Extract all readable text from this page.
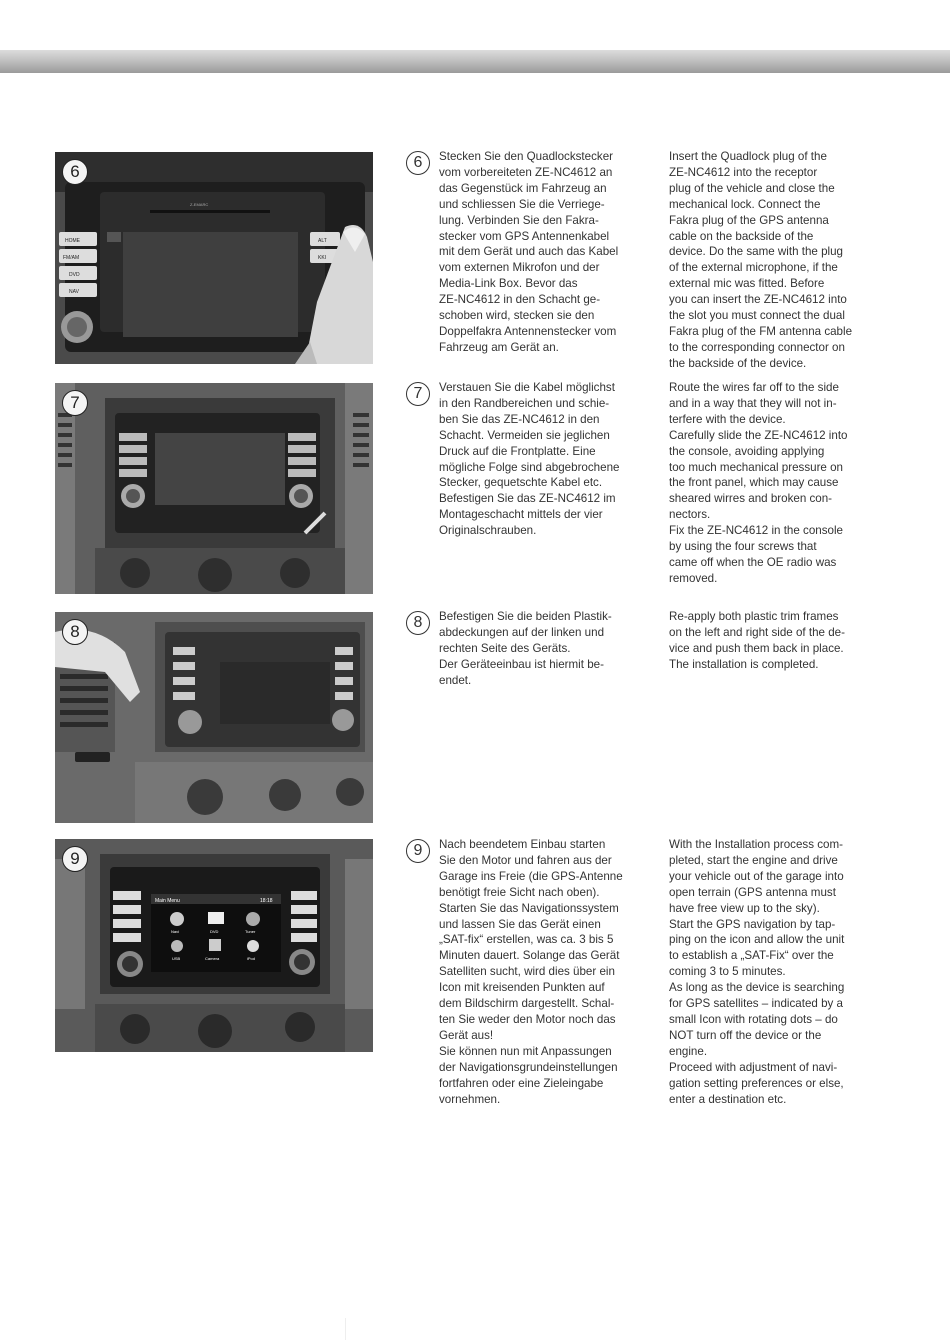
Z-EMARC
HOME
FM/AM
DVD
NAV
ALT
KKI
6	6	Stecken Sie den Quadlockstecker
vom vorbereiteten ZE-NC4612 an
das Gegenstück im Fahrzeug an
und schliessen Sie die Verriege-
lung. Verbinden Sie den Fakra-
stecker vom GPS Antennenkabel
mit dem Gerät und auch das Kabel
vom externen Mikrofon und der
Media-Link Box. Bevor das
ZE-NC4612 in den Schacht ge-
schoben wird, stecken sie den
Doppelfakra Antennenstecker vom
Fahrzeug am Gerät an.
Insert the Quadlock plug of the
ZE-NC4612 into the receptor
plug of the vehicle and close the
mechanical lock. Connect the
Fakra plug of the GPS antenna
cable on the backside of the
device. Do the same with the plug
of the external microphone, if the
external mic was fitted. Before
you can insert the ZE-NC4612 into
the slot you must connect the dual
Fakra plug of the FM antenna cable
to the corresponding connector on
the backside of the device.
7	7	Verstauen Sie die Kabel möglichst
in den Randbereichen und schie-
ben Sie das ZE-NC4612 in den
Schacht. Vermeiden sie jeglichen
Druck auf die Frontplatte. Eine
mögliche Folge sind abgebrochene
Stecker, gequetschte Kabel etc.
Befestigen Sie das ZE-NC4612 im
Montageschacht mittels der vier
Originalschrauben.
Route the wires far off to the side
and in a way that they will not in-
terfere with the device.
Carefully slide the ZE-NC4612 into
the console, avoiding applying
too much mechanical pressure on
the front panel, which may cause
sheared wirres and broken con-
nectors.
Fix the ZE-NC4612 in the console
by using the four screws that
came off when the OE radio was
removed.
8	8	Befestigen Sie die beiden Plastik-
abdeckungen auf der linken und
rechten Seite des Geräts.
Der Geräteeinbau ist hiermit be-
endet.
Re-apply both plastic trim frames
on the left and right side of the de-
vice and push them back in place.
The installation is completed.
Main Menu	18:18
Navi	DVD	Tuner
USB	Camera	iPod
9	9	Nach beendetem Einbau starten
Sie den Motor und fahren aus der
Garage ins Freie (die GPS-Antenne
benötigt freie Sicht nach oben).
Starten Sie das Navigationssystem
und lassen Sie das Gerät einen
„SAT-fix“ erstellen, was ca. 3 bis 5
Minuten dauert. Solange das Gerät
Satelliten sucht, wird dies über ein
Icon mit kreisenden Punkten auf
dem Bildschirm dargestellt. Schal-
ten Sie weder den Motor noch das
Gerät aus!
Sie können nun mit Anpassungen
der Navigationsgrundeinstellungen
fortfahren oder eine Zieleingabe
vornehmen.
With the Installation process com-
pleted, start the engine and drive
your vehicle out of the garage into
open terrain (GPS antenna must
have free view up to the sky).
Start the GPS navigation by tap-
ping on the icon and allow the unit
to establish a „SAT-Fix“ over the
coming 3 to 5 minutes.
As long as the device is searching
for GPS satellites – indicated by a
small Icon with rotating dots – do
NOT turn off the device or the
engine.
Proceed with adjustment of navi-
gation setting preferences or else,
enter a destination etc.
